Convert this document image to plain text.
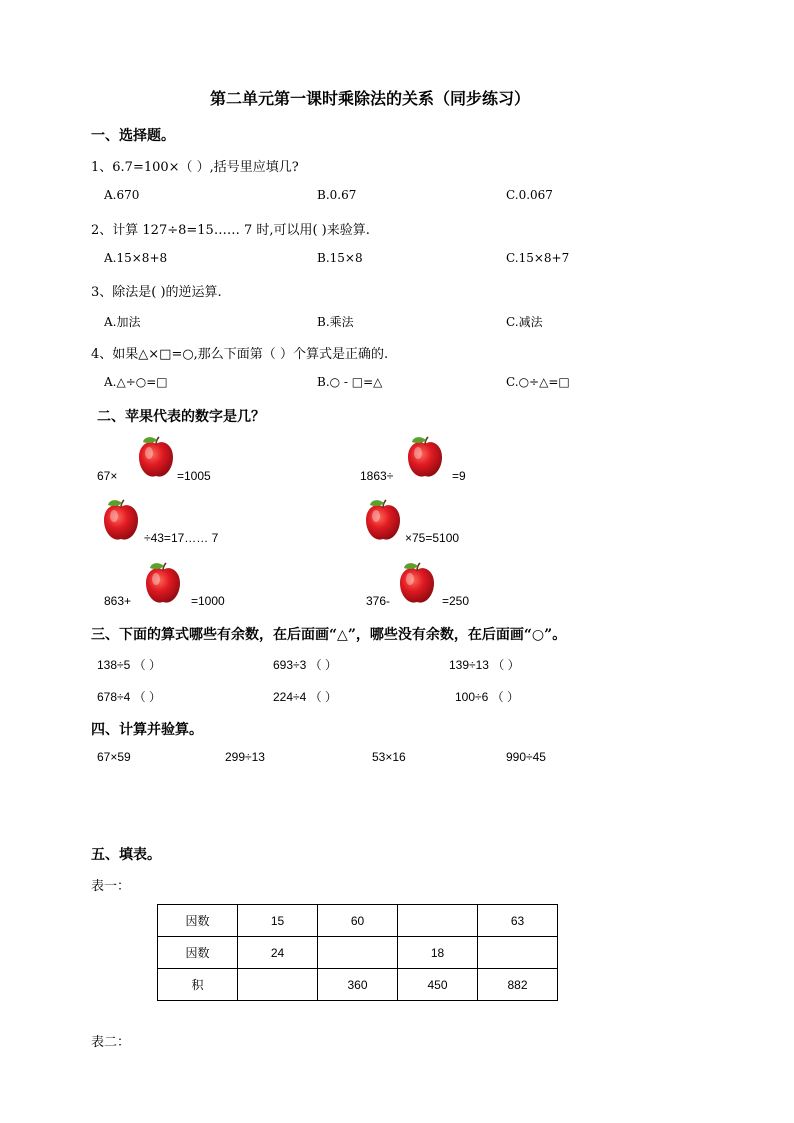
第二单元第一课时乘除法的关系（同步练习）
一、选择题。
1、6.7=100×（ ）,括号里应填几?
A.670	B.0.67	C.0.067
2、计算 127÷8=15…… 7 时,可以用( )来验算.
A.15×8+8	B.15×8	C.15×8+7
3、除法是( )的逆运算.
A.加法	B.乘法	C.减法
4、如果△×□=○,那么下面第（ ）个算式是正确的.
A.△÷○=□	B.○ - □=△	C.○÷△=□
二、苹果代表的数字是几？
67×	=1005	1863÷	=9
÷43=17…… 7	×75=5100
863+	=1000	376-	=250
三、下面的算式哪些有余数，在后面画“△”，哪些没有余数，在后面画“○”。
138÷5 （ ）	693÷3 （ ）	139÷13 （ ）
678÷4 （ ）	224÷4 （ ）	100÷6 （ ）
四、计算并验算。
67×59	299÷13	53×16	990÷45
五、填表。
表一：
因数	15	60		63
因数	24		18	
积		360	450	882
表二：
